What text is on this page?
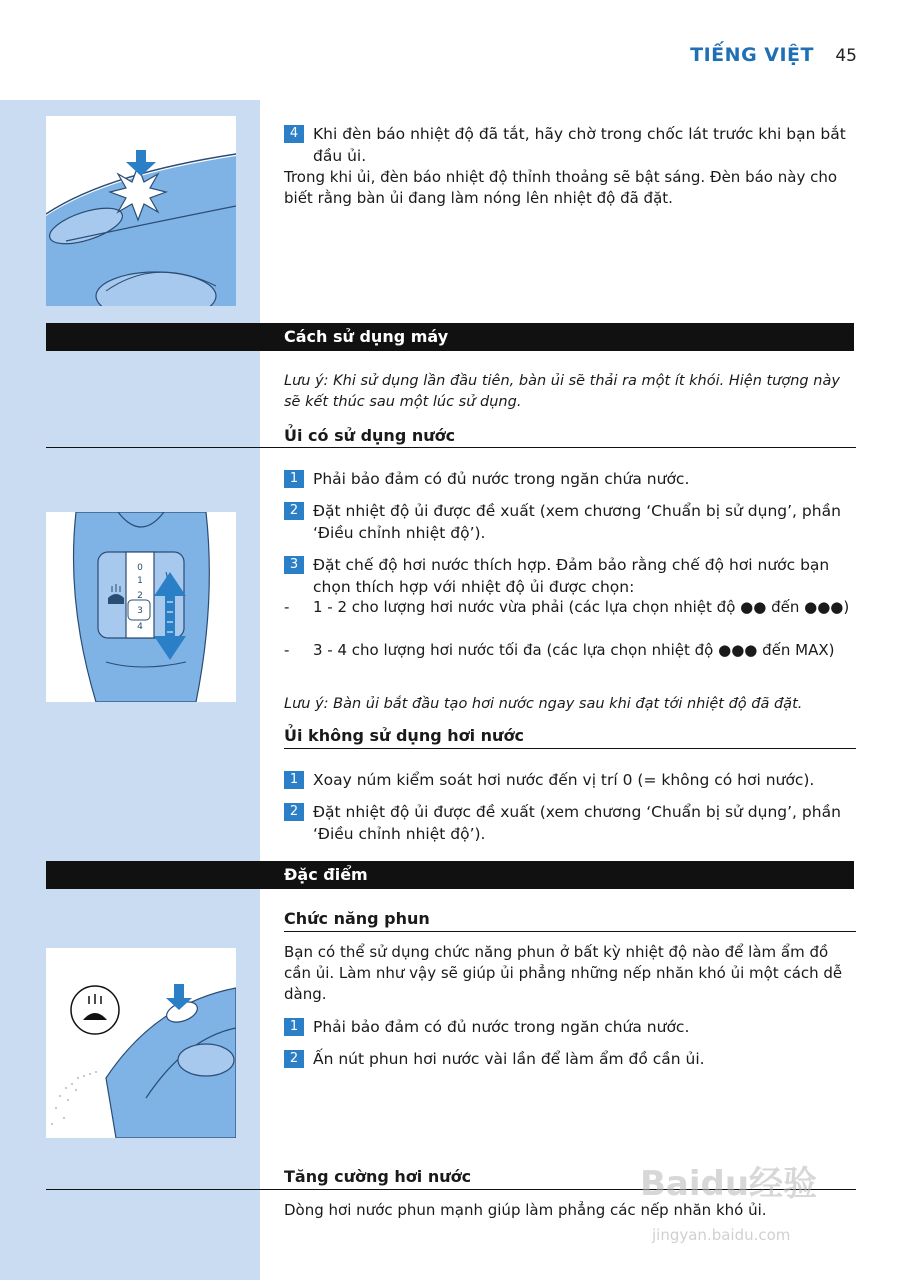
TIẾNG VIỆT 45
4 Khi đèn báo nhiệt độ đã tắt, hãy chờ trong chốc lát trước khi bạn bắt đầu ủi.
Trong khi ủi, đèn báo nhiệt độ thỉnh thoảng sẽ bật sáng. Đèn báo này cho biết rằng bàn ủi đang làm nóng lên nhiệt độ đã đặt.
Cách sử dụng máy
Lưu ý: Khi sử dụng lần đầu tiên, bàn ủi sẽ thải ra một ít khói. Hiện tượng này sẽ kết thúc sau một lúc sử dụng.
Ủi có sử dụng nước
0
1
2
3
4
1 Phải bảo đảm có đủ nước trong ngăn chứa nước.
2 Đặt nhiệt độ ủi được đề xuất (xem chương ‘Chuẩn bị sử dụng’, phần ‘Điều chỉnh nhiệt độ’).
3 Đặt chế độ hơi nước thích hợp. Đảm bảo rằng chế độ hơi nước bạn chọn thích hợp với nhiệt độ ủi được chọn:
- 1 - 2 cho lượng hơi nước vừa phải (các lựa chọn nhiệt độ ●● đến ●●●)
- 3 - 4 cho lượng hơi nước tối đa (các lựa chọn nhiệt độ ●●● đến MAX)
Lưu ý: Bàn ủi bắt đầu tạo hơi nước ngay sau khi đạt tới nhiệt độ đã đặt.
Ủi không sử dụng hơi nước
1 Xoay núm kiểm soát hơi nước đến vị trí 0 (= không có hơi nước).
2 Đặt nhiệt độ ủi được đề xuất (xem chương ‘Chuẩn bị sử dụng’, phần ‘Điều chỉnh nhiệt độ’).
Đặc điểm
Chức năng phun
Bạn có thể sử dụng chức năng phun ở bất kỳ nhiệt độ nào để làm ẩm đồ cần ủi. Làm như vậy sẽ giúp ủi phẳng những nếp nhăn khó ủi một cách dễ dàng.
1 Phải bảo đảm có đủ nước trong ngăn chứa nước.
2 Ấn nút phun hơi nước vài lần để làm ẩm đồ cần ủi.
Tăng cường hơi nước
Dòng hơi nước phun mạnh giúp làm phẳng các nếp nhăn khó ủi.
Baidu经验
jingyan.baidu.com
